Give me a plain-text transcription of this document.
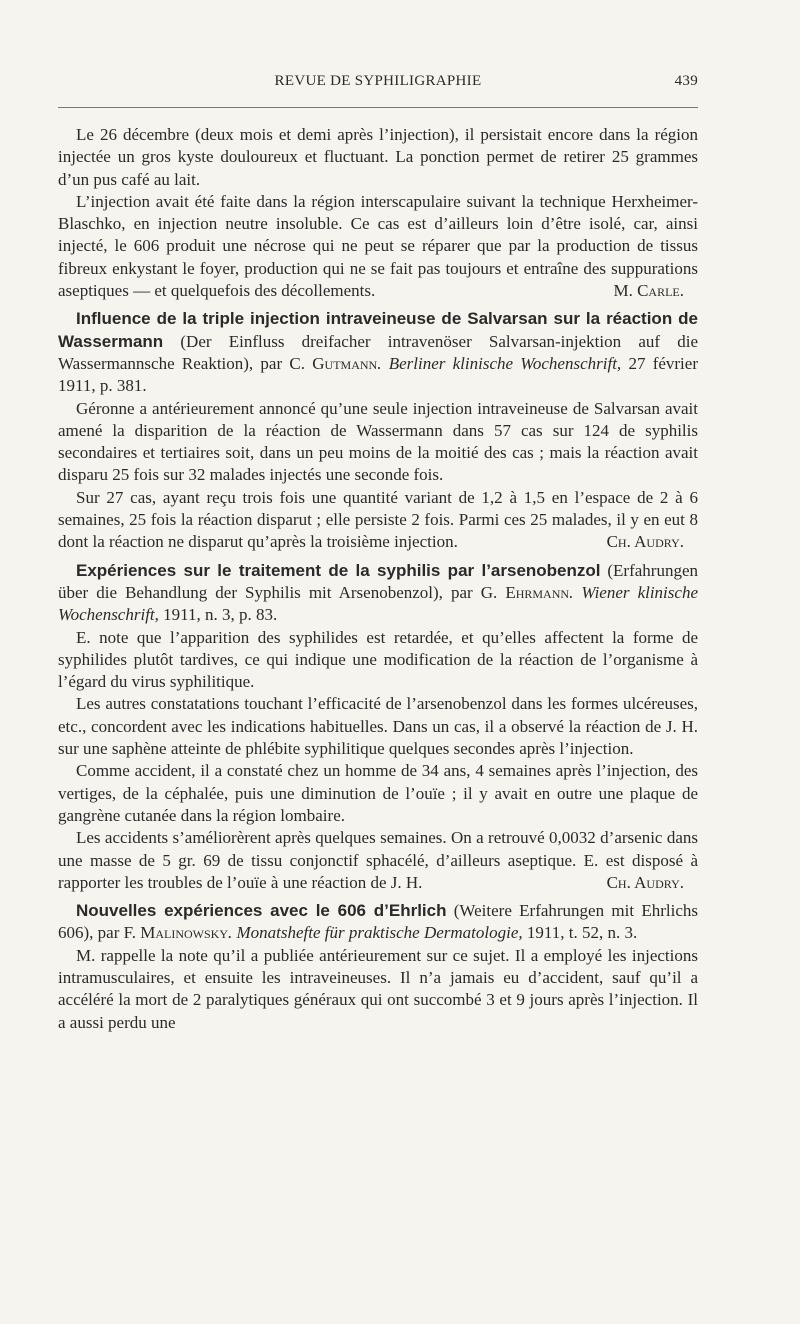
REVUE DE SYPHILIGRAPHIE	439

Le 26 décembre (deux mois et demi après l’injection), il persistait encore dans la région injectée un gros kyste douloureux et fluctuant. La ponction permet de retirer 25 grammes d’un pus café au lait.

L’injection avait été faite dans la région interscapulaire suivant la technique Herxheimer-Blaschko, en injection neutre insoluble. Ce cas est d’ailleurs loin d’être isolé, car, ainsi injecté, le 606 produit une nécrose qui ne peut se réparer que par la production de tissus fibreux enkystant le foyer, production qui ne se fait pas toujours et entraîne des suppurations aseptiques — et quelquefois des décollements.	M. Carle.

Influence de la triple injection intraveineuse de Salvarsan sur la réaction de Wassermann (Der Einfluss dreifacher intravenöser Salvarsan-injektion auf die Wassermannsche Reaktion), par C. Gutmann. Berliner klinische Wochenschrift, 27 février 1911, p. 381.

Géronne a antérieurement annoncé qu’une seule injection intraveineuse de Salvarsan avait amené la disparition de la réaction de Wassermann dans 57 cas sur 124 de syphilis secondaires et tertiaires soit, dans un peu moins de la moitié des cas ; mais la réaction avait disparu 25 fois sur 32 malades injectés une seconde fois.

Sur 27 cas, ayant reçu trois fois une quantité variant de 1,2 à 1,5 en l’espace de 2 à 6 semaines, 25 fois la réaction disparut ; elle persiste 2 fois. Parmi ces 25 malades, il y en eut 8 dont la réaction ne disparut qu’après la troisième injection.	Ch. Audry.

Expériences sur le traitement de la syphilis par l’arsenobenzol (Erfahrungen über die Behandlung der Syphilis mit Arsenobenzol), par G. Ehrmann. Wiener klinische Wochenschrift, 1911, n. 3, p. 83.

E. note que l’apparition des syphilides est retardée, et qu’elles affectent la forme de syphilides plutôt tardives, ce qui indique une modification de la réaction de l’organisme à l’égard du virus syphilitique.

Les autres constatations touchant l’efficacité de l’arsenobenzol dans les formes ulcéreuses, etc., concordent avec les indications habituelles. Dans un cas, il a observé la réaction de J. H. sur une saphène atteinte de phlébite syphilitique quelques secondes après l’injection.

Comme accident, il a constaté chez un homme de 34 ans, 4 semaines après l’injection, des vertiges, de la céphalée, puis une diminution de l’ouïe ; il y avait en outre une plaque de gangrène cutanée dans la région lombaire.

Les accidents s’améliorèrent après quelques semaines. On a retrouvé 0,0032 d’arsenic dans une masse de 5 gr. 69 de tissu conjonctif sphacélé, d’ailleurs aseptique. E. est disposé à rapporter les troubles de l’ouïe à une réaction de J. H.	Ch. Audry.

Nouvelles expériences avec le 606 d’Ehrlich (Weitere Erfahrungen mit Ehrlichs 606), par F. Malinowsky. Monatshefte für praktische Dermatologie, 1911, t. 52, n. 3.

M. rappelle la note qu’il a publiée antérieurement sur ce sujet. Il a employé les injections intramusculaires, et ensuite les intraveineuses. Il n’a jamais eu d’accident, sauf qu’il a accéléré la mort de 2 paralytiques généraux qui ont succombé 3 et 9 jours après l’injection. Il a aussi perdu une
